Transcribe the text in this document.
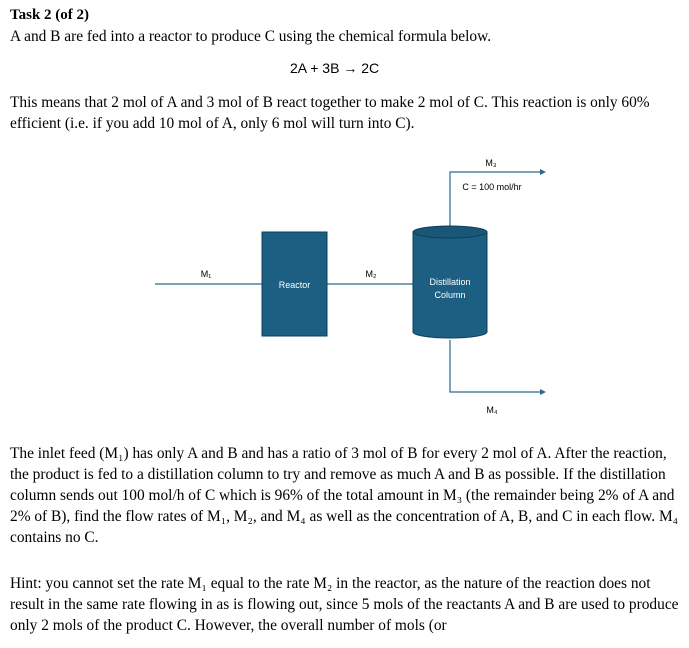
Task 2 (of 2)

A and B are fed into a reactor to produce C using the chemical formula below.

2A + 3B → 2C

This means that 2 mol of A and 3 mol of B react together to make 2 mol of C. This reaction is only 60% efficient (i.e. if you add 10 mol of A, only 6 mol will turn into C).

Reactor	Distillation
Column
M₁	M₂
M₃
C = 100 mol/hr
M₄

The inlet feed (M₁) has only A and B and has a ratio of 3 mol of B for every 2 mol of A. After the reaction, the product is fed to a distillation column to try and remove as much A and B as possible. If the distillation column sends out 100 mol/h of C which is 96% of the total amount in M₃ (the remainder being 2% of A and 2% of B), find the flow rates of M₁, M₂, and M₄ as well as the concentration of A, B, and C in each flow. M₄ contains no C.

Hint: you cannot set the rate M₁ equal to the rate M₂ in the reactor, as the nature of the reaction does not result in the same rate flowing in as is flowing out, since 5 mols of the reactants A and B are used to produce only 2 mols of the product C. However, the overall number of mols (or
